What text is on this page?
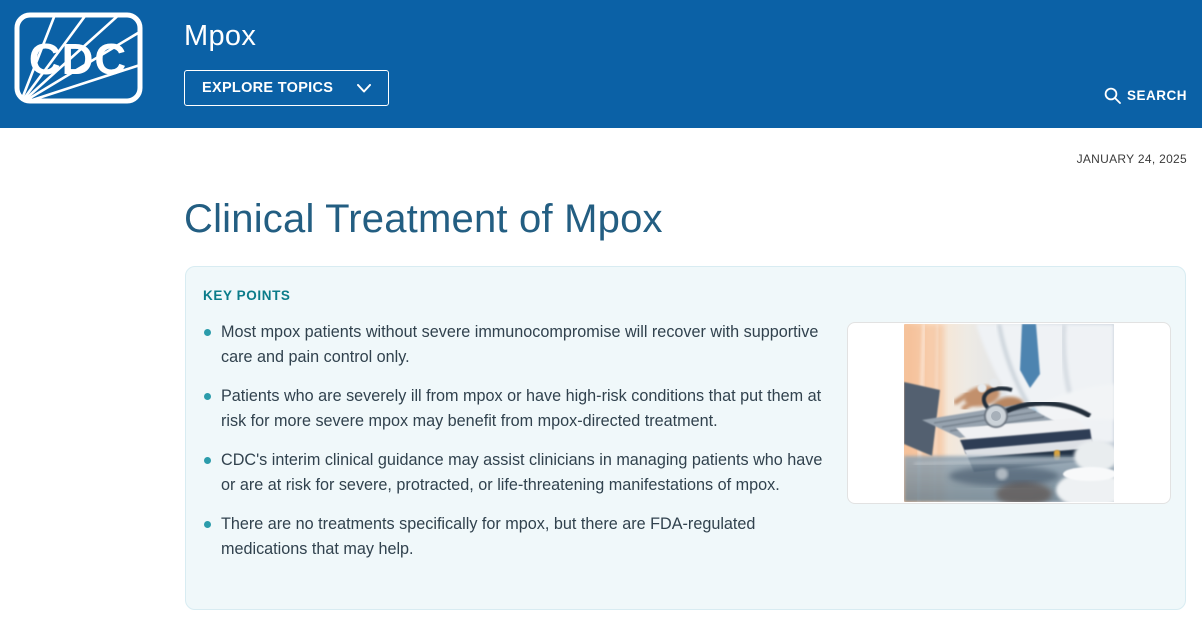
CDC Mpox
EXPLORE TOPICS	SEARCH
JANUARY 24, 2025
Clinical Treatment of Mpox
KEY POINTS
Most mpox patients without severe immunocompromise will recover with supportive care and pain control only.
Patients who are severely ill from mpox or have high-risk conditions that put them at risk for more severe mpox may benefit from mpox-directed treatment.
CDC's interim clinical guidance may assist clinicians in managing patients who have or are at risk for severe, protracted, or life-threatening manifestations of mpox.
There are no treatments specifically for mpox, but there are FDA-regulated medications that may help.
